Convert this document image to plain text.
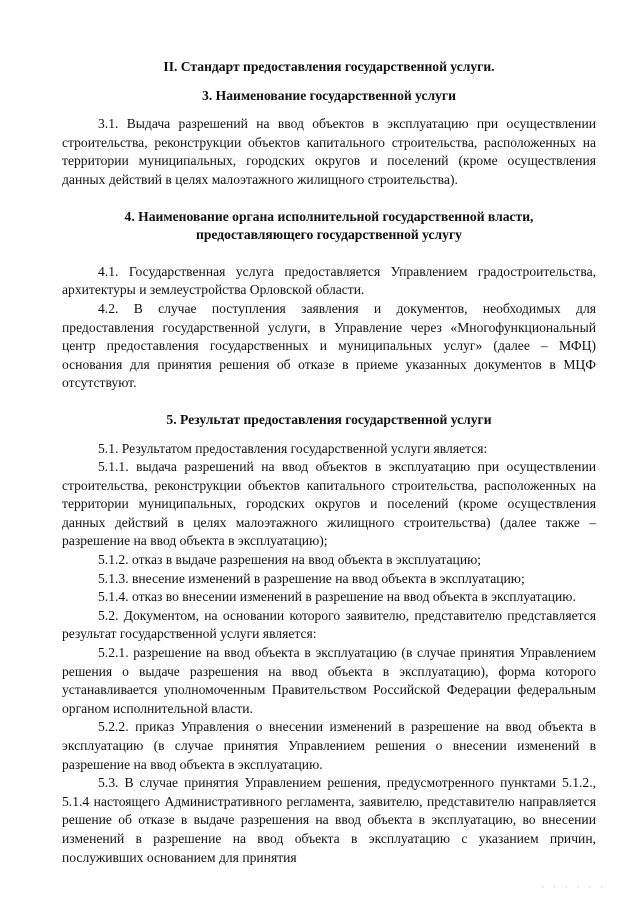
II. Стандарт предоставления государственной услуги.
3. Наименование государственной услуги

3.1. Выдача разрешений на ввод объектов в эксплуатацию при осуществлении строительства, реконструкции объектов капитального строительства, расположенных на территории муниципальных, городских округов и поселений (кроме осуществления данных действий в целях малоэтажного жилищного строительства).

4. Наименование органа исполнительной государственной власти,
предоставляющего государственной услугу

4.1. Государственная услуга предоставляется Управлением градостроительства, архитектуры и землеустройства Орловской области.

4.2. В случае поступления заявления и документов, необходимых для предоставления государственной услуги, в Управление через «Многофункциональный центр предоставления государственных и муниципальных услуг» (далее – МФЦ) основания для принятия решения об отказе в приеме указанных документов в МЦФ отсутствуют.

5. Результат предоставления государственной услуги

5.1. Результатом предоставления государственной услуги является:

5.1.1. выдача разрешений на ввод объектов в эксплуатацию при осуществлении строительства, реконструкции объектов капитального строительства, расположенных на территории муниципальных, городских округов и поселений (кроме осуществления данных действий в целях малоэтажного жилищного строительства) (далее также – разрешение на ввод объекта в эксплуатацию);

5.1.2. отказ в выдаче разрешения на ввод объекта в эксплуатацию;

5.1.3. внесение изменений в разрешение на ввод объекта в эксплуатацию;

5.1.4. отказ во внесении изменений в разрешение на ввод объекта в эксплуатацию.

5.2. Документом, на основании которого заявителю, представителю представляется результат государственной услуги является:

5.2.1. разрешение на ввод объекта в эксплуатацию (в случае принятия Управлением решения о выдаче разрешения на ввод объекта в эксплуатацию), форма которого устанавливается уполномоченным Правительством Российской Федерации федеральным органом исполнительной власти.

5.2.2. приказ Управления о внесении изменений в разрешение на ввод объекта в эксплуатацию (в случае принятия Управлением решения о внесении изменений в разрешение на ввод объекта в эксплуатацию.

5.3. В случае принятия Управлением решения, предусмотренного пунктами 5.1.2., 5.1.4 настоящего Административного регламента, заявителю, представителю направляется решение об отказе в выдаче разрешения на ввод объекта в эксплуатацию, во внесении изменений в разрешение на ввод объекта в эксплуатацию с указанием причин, послуживших основанием для принятия

· · · · · ·
